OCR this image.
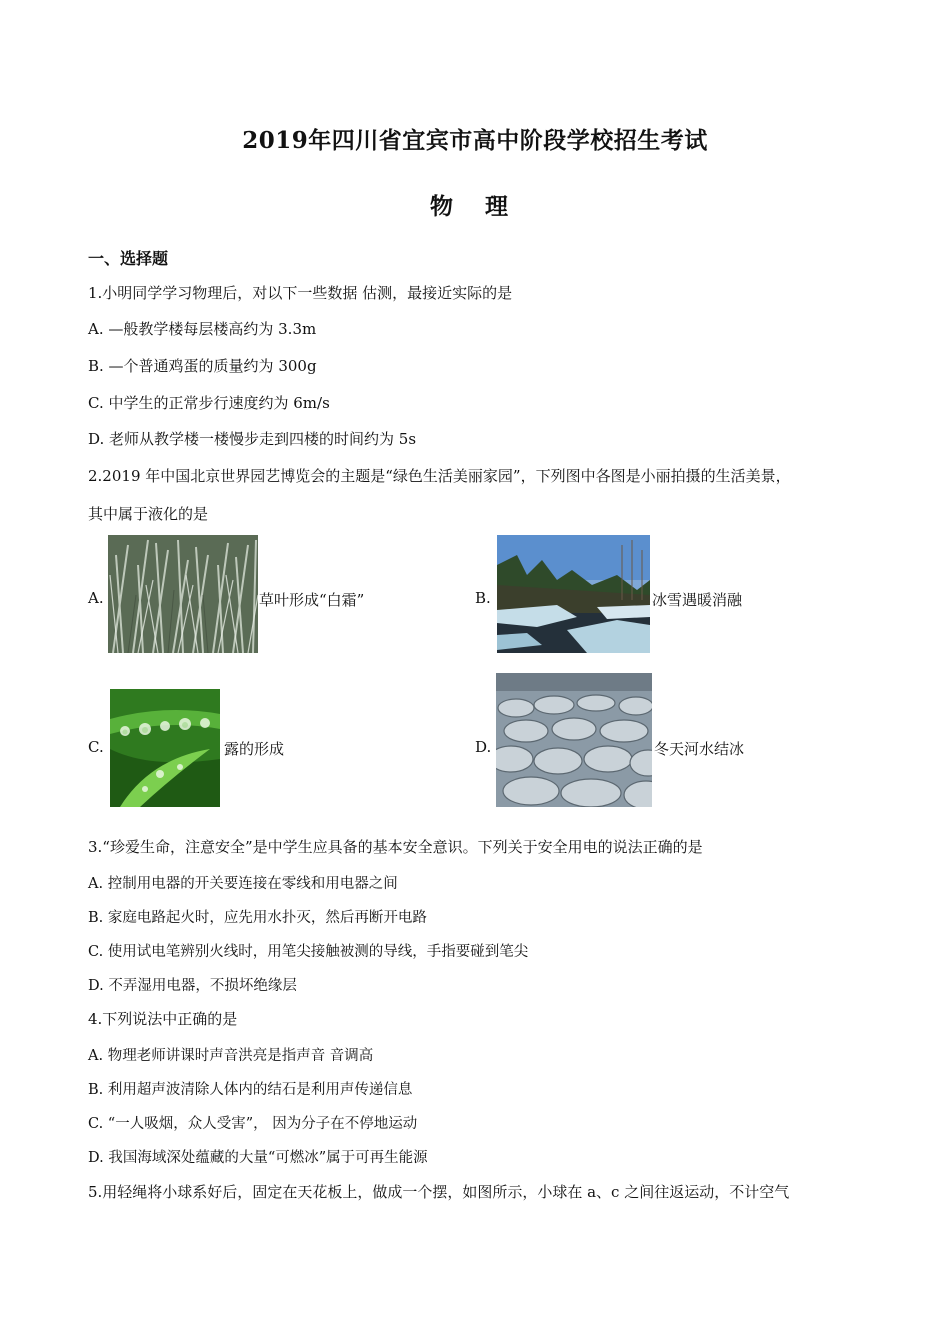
2019年四川省宜宾市高中阶段学校招生考试
物 理
一、选择题
1.小明同学学习物理后，对以下一些数据 估测，最接近实际的是
A. —般教学楼每层楼高约为 3.3m
B. —个普通鸡蛋的质量约为 300g
C. 中学生的正常步行速度约为 6m/s
D. 老师从教学楼一楼慢步走到四楼的时间约为 5s
2.2019 年中国北京世界园艺博览会的主题是“绿色生活美丽家园”，下列图中各图是小丽拍摄的生活美景，
其中属于液化的是
A.	草叶形成“白霜”	B.	冰雪遇暖消融
C.	露的形成	D.	冬天河水结冰
3.“珍爱生命，注意安全”是中学生应具备的基本安全意识。下列关于安全用电的说法正确的是
A. 控制用电器的开关要连接在零线和用电器之间
B. 家庭电路起火时，应先用水扑灭，然后再断开电路
C. 使用试电笔辨别火线时，用笔尖接触被测的导线，手指要碰到笔尖
D. 不弄湿用电器，不损坏绝缘层
4.下列说法中正确的是
A. 物理老师讲课时声音洪亮是指声音 音调高
B. 利用超声波清除人体内的结石是利用声传递信息
C. “一人吸烟，众人受害”， 因为分子在不停地运动
D. 我国海域深处蕴藏的大量“可燃冰”属于可再生能源
5.用轻绳将小球系好后，固定在天花板上，做成一个摆，如图所示，小球在 a、c 之间往返运动，不计空气
